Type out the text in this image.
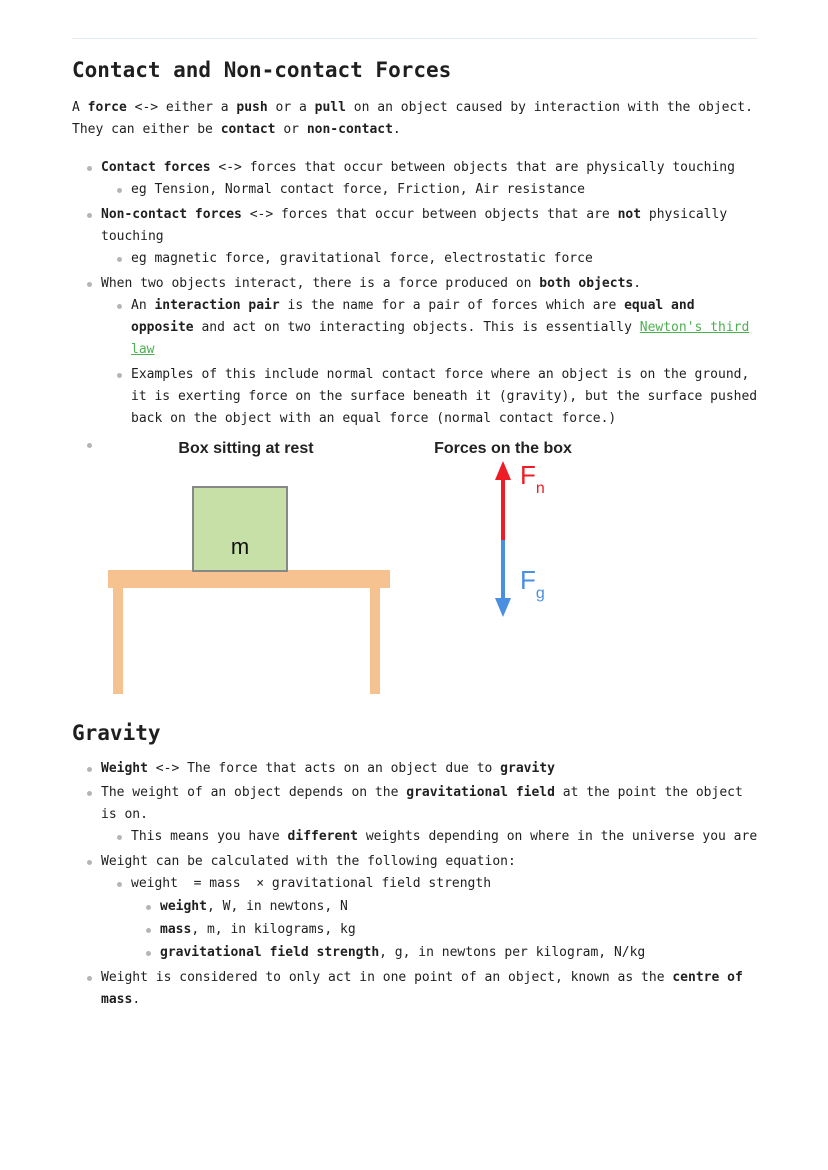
Contact and Non-contact Forces

A force <-> either a push or a pull on an object caused by interaction with the object. They can either be contact or non-contact.

Contact forces <-> forces that occur between objects that are physically touching
eg Tension, Normal contact force, Friction, Air resistance
Non-contact forces <-> forces that occur between objects that are not physically touching
eg magnetic force, gravitational force, electrostatic force
When two objects interact, there is a force produced on both objects.
An interaction pair is the name for a pair of forces which are equal and opposite and act on two interacting objects. This is essentially Newton's third law
Examples of this include normal contact force where an object is on the ground, it is exerting force on the surface beneath it (gravity), but the surface pushed back on the object with an equal force (normal contact force.)
Box sitting at rest	Forces on the box
m
$F_n$
$F_g$
Gravity
Weight <-> The force that acts on an object due to gravity
The weight of an object depends on the gravitational field at the point the object is on.
This means you have different weights depending on where in the universe you are
Weight can be calculated with the following equation:
weight  = mass  × gravitational field strength
weight, W, in newtons, N
mass, m, in kilograms, kg
gravitational field strength, g, in newtons per kilogram, N/kg
Weight is considered to only act in one point of an object, known as the centre of mass.
